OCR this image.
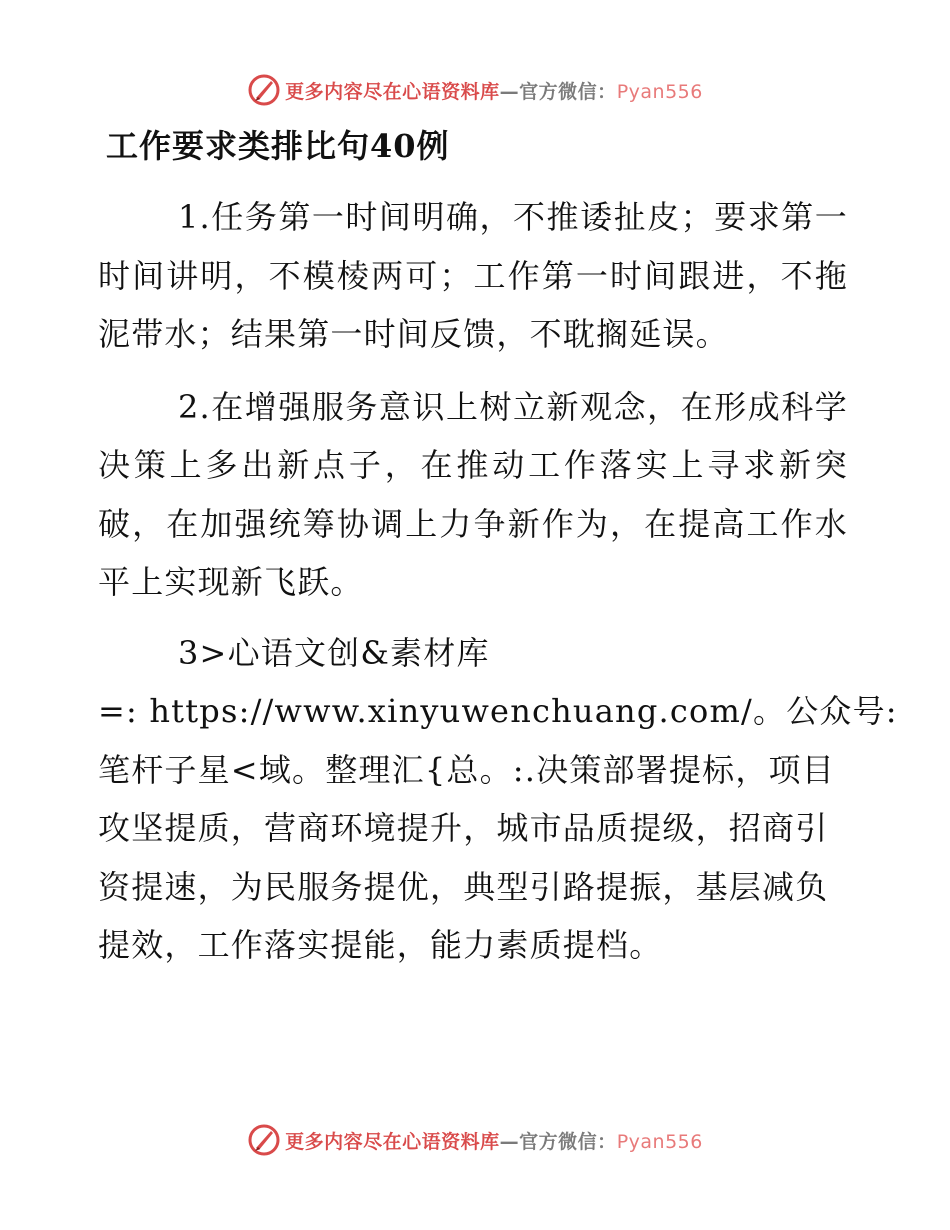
更多内容尽在心语资料库—官方微信：Pyan556
工作要求类排比句40例

1.任务第一时间明确，不推诿扯皮；要求第一时间讲明，不模棱两可；工作第一时间跟进，不拖泥带水；结果第一时间反馈，不耽搁延误。

2.在增强服务意识上树立新观念，在形成科学决策上多出新点子，在推动工作落实上寻求新突破，在加强统筹协调上力争新作为，在提高工作水平上实现新飞跃。

3>心语文创&素材库
=: https://www.xinyuwenchuang.com/。公众号:
笔杆子星<域。整理汇{总。:.决策部署提标，项目
攻坚提质，营商环境提升，城市品质提级，招商引
资提速，为民服务提优，典型引路提振，基层减负
提效，工作落实提能，能力素质提档。
更多内容尽在心语资料库—官方微信：Pyan556
